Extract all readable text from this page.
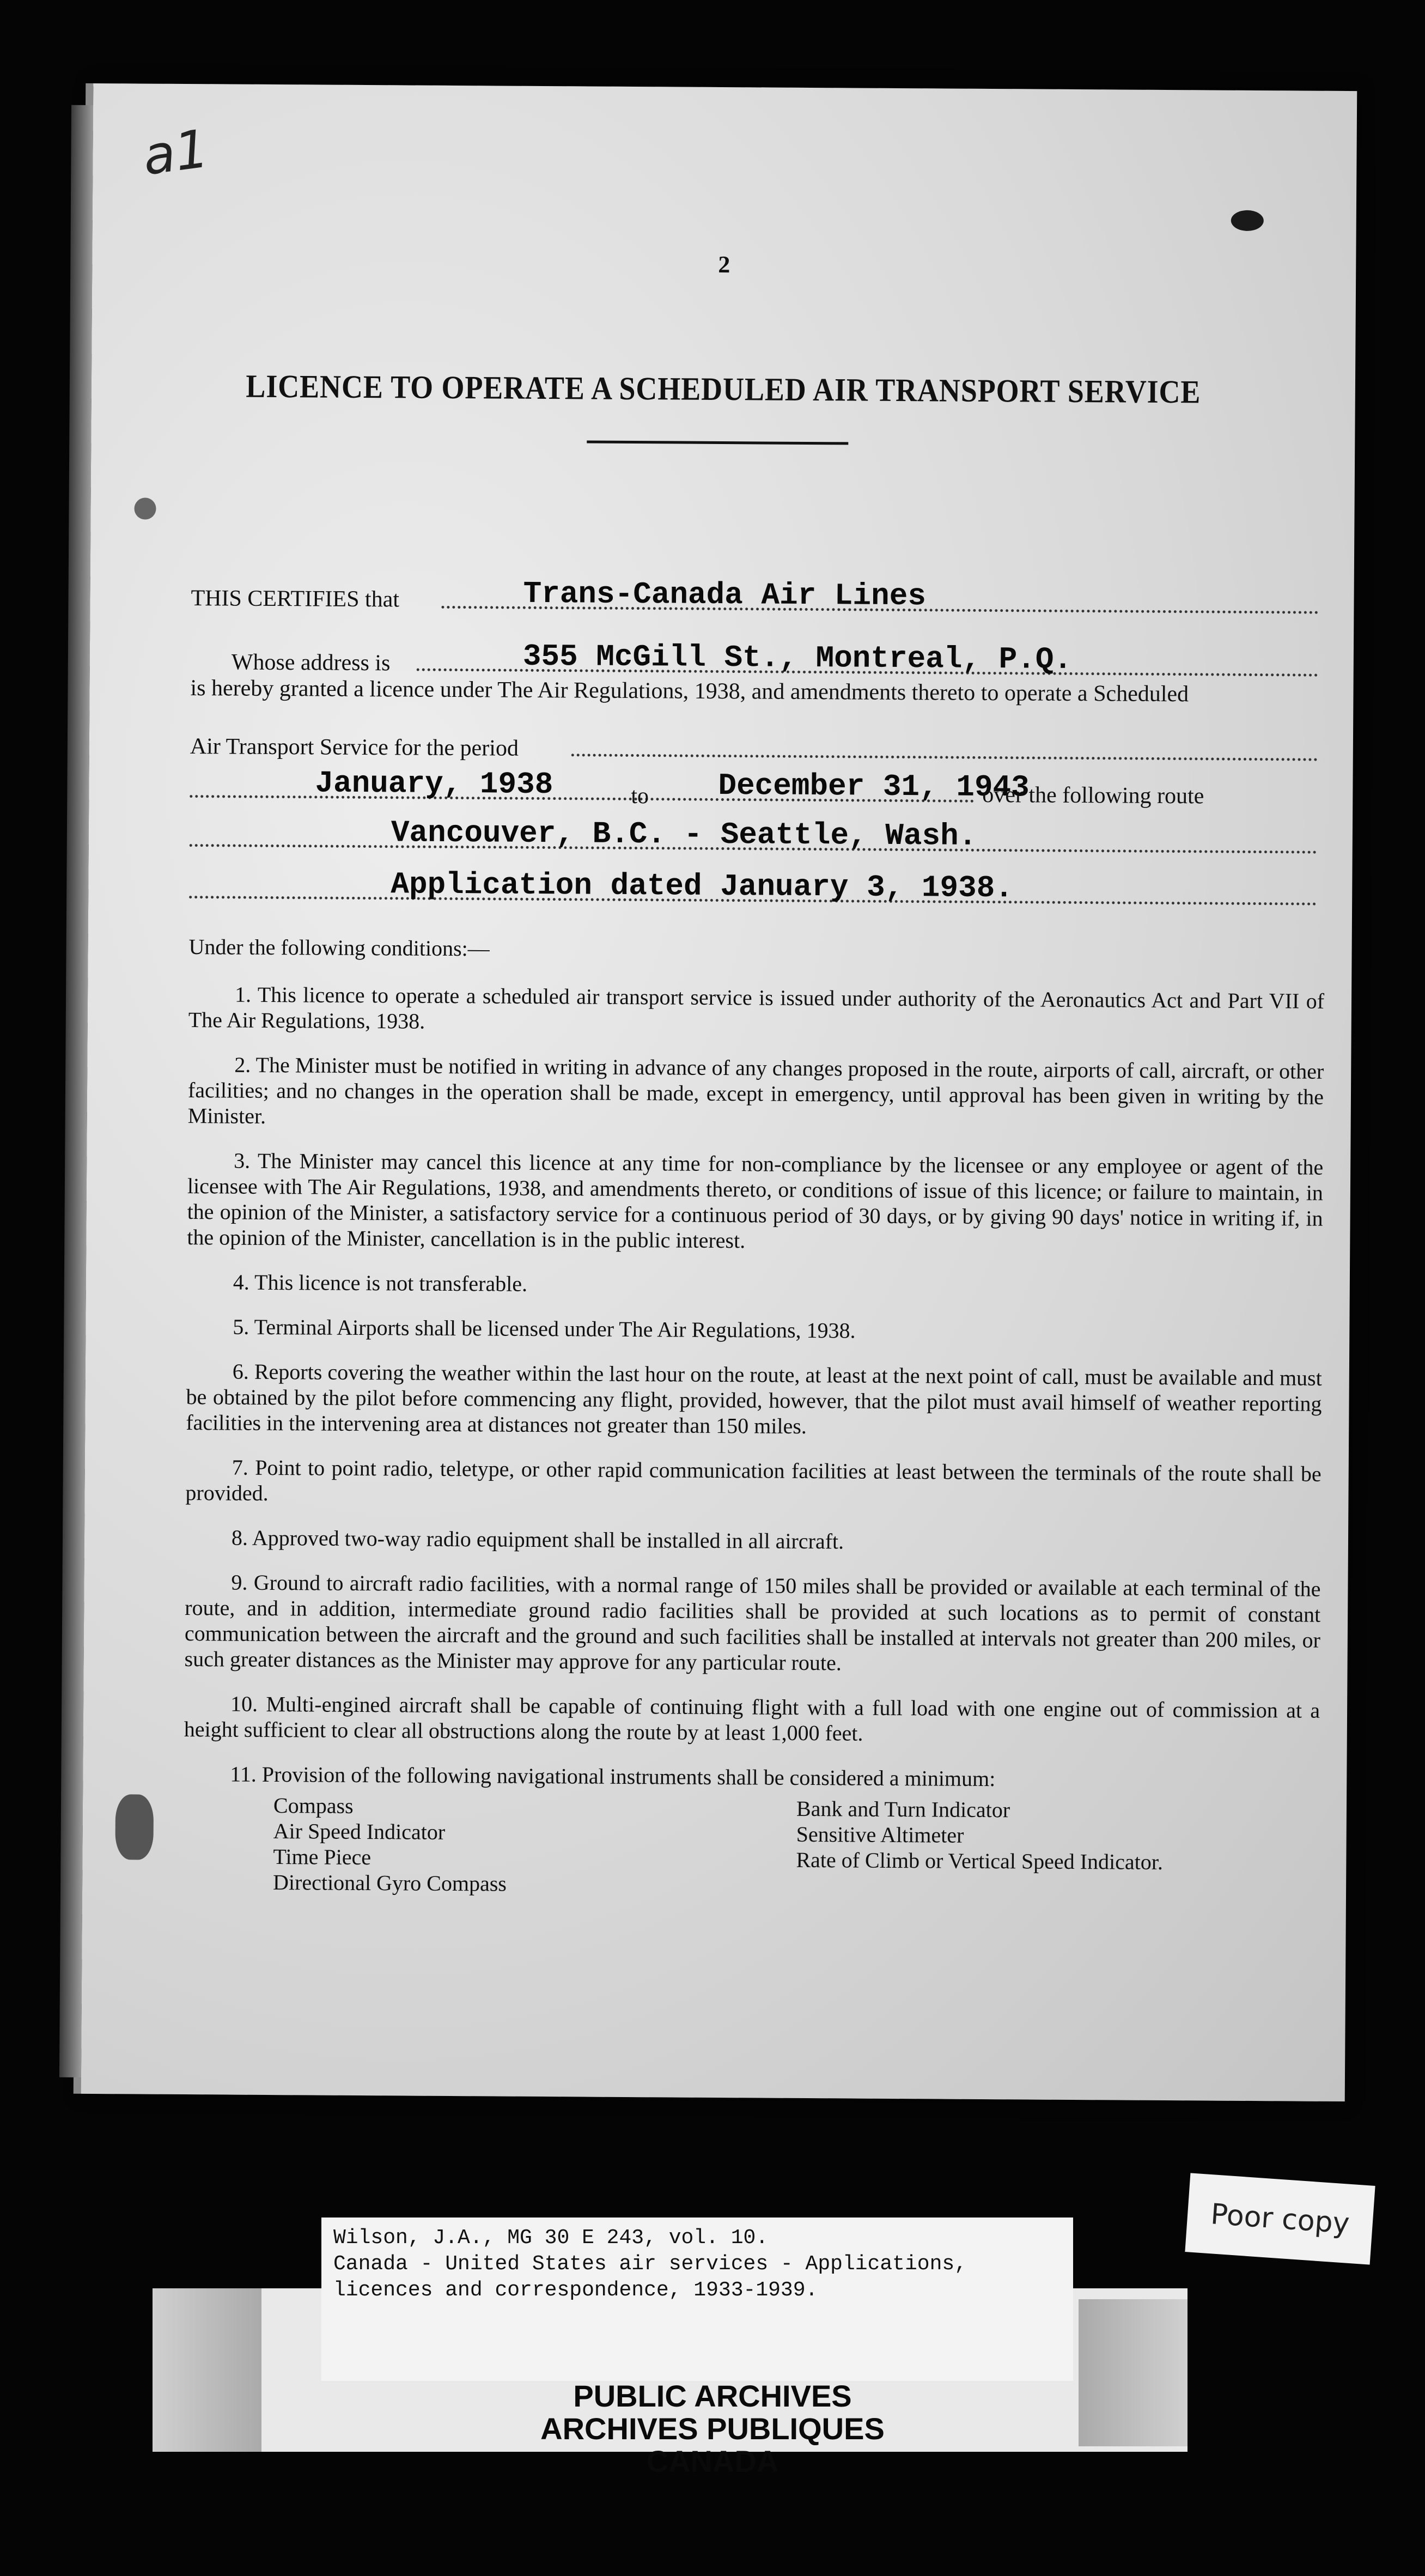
a1
2
LICENCE TO OPERATE A SCHEDULED AIR TRANSPORT SERVICE
THIS CERTIFIES that	Trans-Canada Air Lines
Whose address is	355 McGill St., Montreal, P.Q.
is hereby granted a licence under The Air Regulations, 1938, and amendments thereto to operate a Scheduled
Air Transport Service for the period
January, 1938	to December 31, 1943
over the following route
Vancouver, B.C. - Seattle, Wash.
Application dated January 3, 1938.
Under the following conditions:—

1. This licence to operate a scheduled air transport service is issued under authority of the Aeronautics Act and Part VII of The Air Regulations, 1938.

2. The Minister must be notified in writing in advance of any changes proposed in the route, airports of call, aircraft, or other facilities; and no changes in the operation shall be made, except in emergency, until approval has been given in writing by the Minister.

3. The Minister may cancel this licence at any time for non-compliance by the licensee or any employee or agent of the licensee with The Air Regulations, 1938, and amendments thereto, or conditions of issue of this licence; or failure to maintain, in the opinion of the Minister, a satisfactory service for a continuous period of 30 days, or by giving 90 days' notice in writing if, in the opinion of the Minister, cancellation is in the public interest.

4. This licence is not transferable.

5. Terminal Airports shall be licensed under The Air Regulations, 1938.

6. Reports covering the weather within the last hour on the route, at least at the next point of call, must be available and must be obtained by the pilot before commencing any flight, provided, however, that the pilot must avail himself of weather reporting facilities in the intervening area at distances not greater than 150 miles.

7. Point to point radio, teletype, or other rapid communication facilities at least between the terminals of the route shall be provided.

8. Approved two-way radio equipment shall be installed in all aircraft.

9. Ground to aircraft radio facilities, with a normal range of 150 miles shall be provided or available at each terminal of the route, and in addition, intermediate ground radio facilities shall be provided at such locations as to permit of constant communication between the aircraft and the ground and such facilities shall be installed at intervals not greater than 200 miles, or such greater distances as the Minister may approve for any particular route.

10. Multi-engined aircraft shall be capable of continuing flight with a full load with one engine out of commission at a height sufficient to clear all obstructions along the route by at least 1,000 feet.

11. Provision of the following navigational instruments shall be considered a minimum:

Compass
Air Speed Indicator
Time Piece
Directional Gyro Compass
Bank and Turn Indicator
Sensitive Altimeter
Rate of Climb or Vertical Speed Indicator.
Wilson, J.A., MG 30 E 243, vol. 10.
Canada - United States air services - Applications,
licences and correspondence, 1933-1939.
PUBLIC ARCHIVES
ARCHIVES PUBLIQUES
CANADA
Poor copy
